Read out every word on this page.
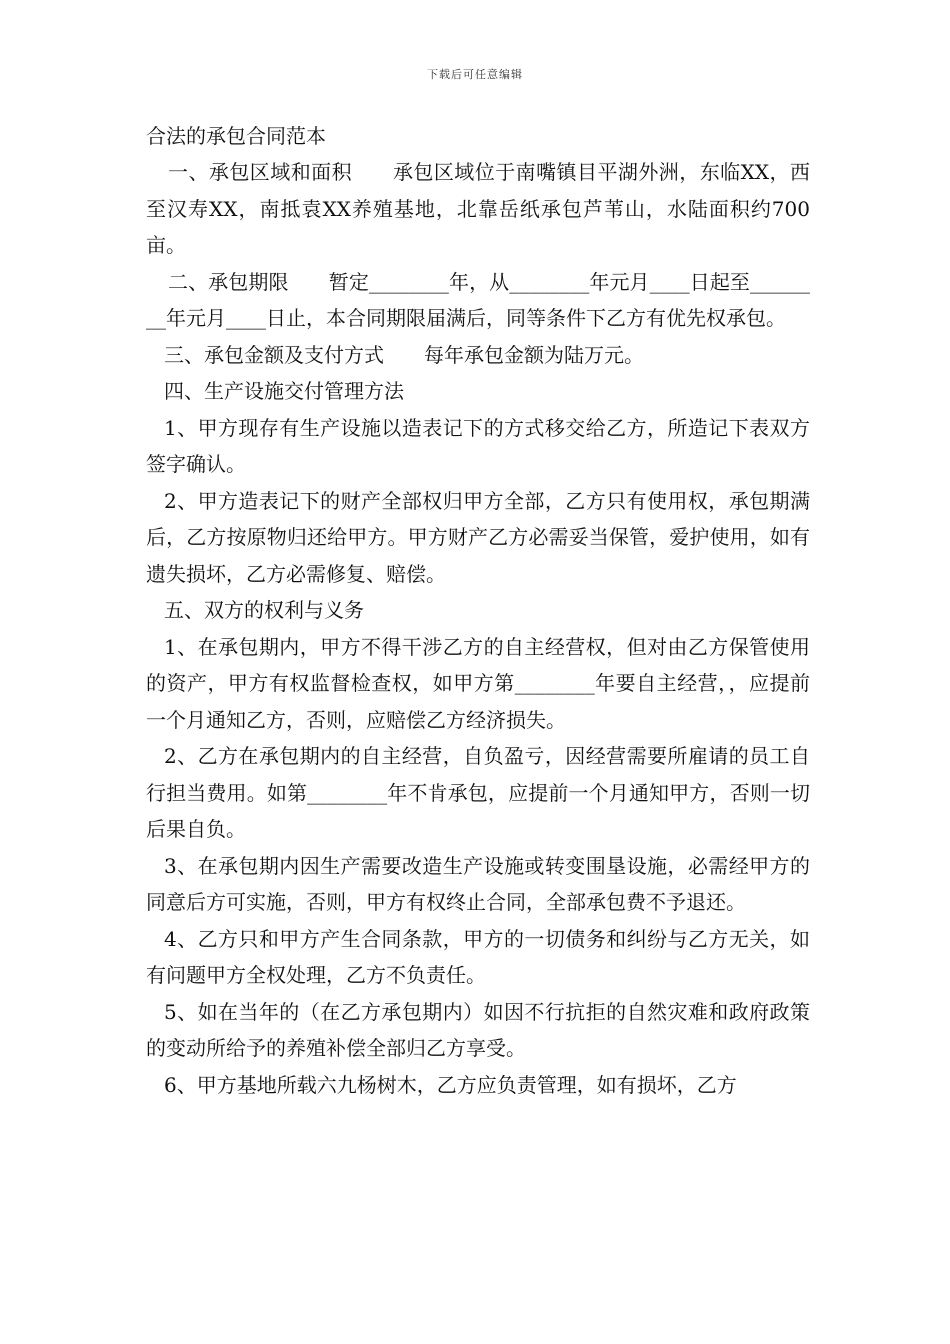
下载后可任意编辑
合法的承包合同范本

一、承包区域和面积　　承包区域位于南嘴镇目平湖外洲，东临XX，西至汉寿XX，南抵袁XX养殖基地，北靠岳纸承包芦苇山，水陆面积约700亩。

二、承包期限　　暂定________年，从________年元月____日起至________年元月____日止，本合同期限届满后，同等条件下乙方有优先权承包。

三、承包金额及支付方式　　每年承包金额为陆万元。

四、生产设施交付管理方法

1、甲方现存有生产设施以造表记下的方式移交给乙方，所造记下表双方签字确认。

2、甲方造表记下的财产全部权归甲方全部，乙方只有使用权，承包期满后，乙方按原物归还给甲方。甲方财产乙方必需妥当保管，爱护使用，如有遗失损坏，乙方必需修复、赔偿。

五、双方的权利与义务

1、在承包期内，甲方不得干涉乙方的自主经营权，但对由乙方保管使用的资产，甲方有权监督检查权，如甲方第________年要自主经营，，应提前一个月通知乙方，否则，应赔偿乙方经济损失。

2、乙方在承包期内的自主经营，自负盈亏，因经营需要所雇请的员工自行担当费用。如第________年不肯承包，应提前一个月通知甲方，否则一切后果自负。

3、在承包期内因生产需要改造生产设施或转变围垦设施，必需经甲方的同意后方可实施，否则，甲方有权终止合同，全部承包费不予退还。

4、乙方只和甲方产生合同条款，甲方的一切债务和纠纷与乙方无关，如有问题甲方全权处理，乙方不负责任。

5、如在当年的（在乙方承包期内）如因不行抗拒的自然灾难和政府政策的变动所给予的养殖补偿全部归乙方享受。

6、甲方基地所载六九杨树木，乙方应负责管理，如有损坏，乙方
